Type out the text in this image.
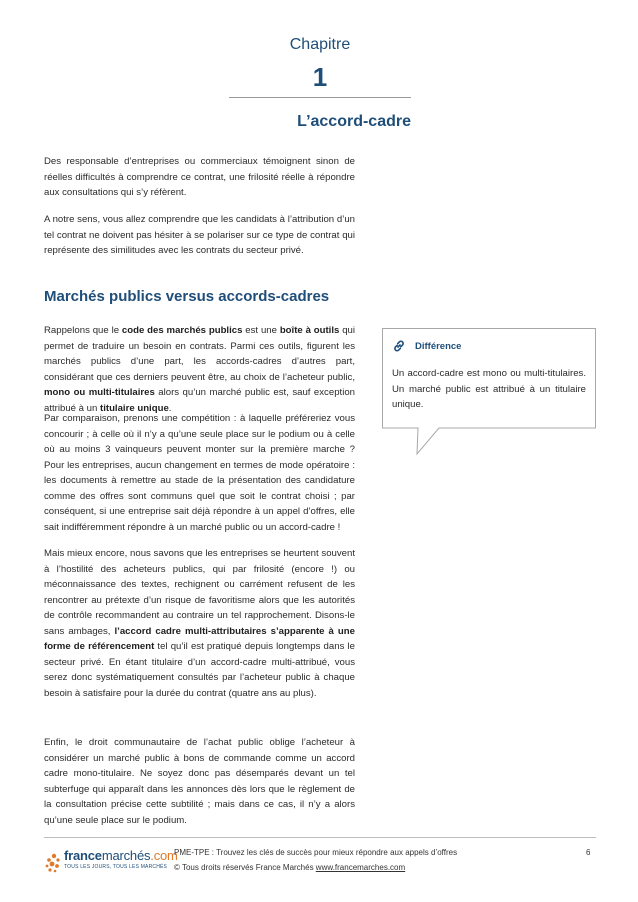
Chapitre
1
L’accord-cadre
Des responsable d’entreprises ou commerciaux témoignent sinon de réelles difficultés à comprendre ce contrat, une frilosité réelle à répondre aux consultations qui s’y réfèrent.
A notre sens, vous allez comprendre que les candidats à l’attribution d’un tel contrat ne doivent pas hésiter à se polariser sur ce type de contrat qui représente des similitudes avec les contrats du secteur privé.
Marchés publics versus accords-cadres
Rappelons que le code des marchés publics est une boîte à outils qui permet de traduire un besoin en contrats. Parmi ces outils, figurent les marchés publics d’une part, les accords-cadres d’autres part, considérant que ces derniers peuvent être, au choix de l’acheteur public, mono ou multi-titulaires alors qu’un marché public est, sauf exception attribué à un titulaire unique.
Par comparaison, prenons une compétition : à laquelle préféreriez vous concourir ; à celle où il n’y a qu’une seule place sur le podium ou à celle où au moins 3 vainqueurs peuvent monter sur la première marche ? Pour les entreprises, aucun changement en termes de mode opératoire : les documents à remettre au stade de la présentation des candidature comme des offres sont communs quel que soit le contrat choisi ; par conséquent, si une entreprise sait déjà répondre à un appel d’offres, elle sait indifféremment répondre à un marché public ou un accord-cadre !
Mais mieux encore, nous savons que les entreprises se heurtent souvent à l’hostilité des acheteurs publics, qui par frilosité (encore !) ou méconnaissance des textes, rechignent ou carrément refusent de les rencontrer au prétexte d’un risque de favoritisme alors que les autorités de contrôle recommandent au contraire un tel rapprochement. Disons-le sans ambages, l’accord cadre multi-attributaires s’apparente à une forme de référencement tel qu’il est pratiqué depuis longtemps dans le secteur privé. En étant titulaire d’un accord-cadre multi-attribué, vous serez donc systématiquement consultés par l’acheteur public à chaque besoin à satisfaire pour la durée du contrat (quatre ans au plus).
Enfin, le droit communautaire de l’achat public oblige l’acheteur à considérer un marché public à bons de commande comme un accord cadre mono-titulaire. Ne soyez donc pas désemparés devant un tel subterfuge qui apparaît dans les annonces dès lors que le règlement de la consultation précise cette subtilité ; mais dans ce cas, il n’y a alors qu’une seule place sur le podium.
Différence
Un accord-cadre est mono ou multi-titulaires. Un marché public est attribué à un titulaire unique.
francemarchés.com
TOUS LES JOURS, TOUS LES MARCHÉS
PME-TPE : Trouvez les clés de succès pour mieux répondre aux appels d’offres
© Tous droits réservés France Marchés www.francemarches.com
6
